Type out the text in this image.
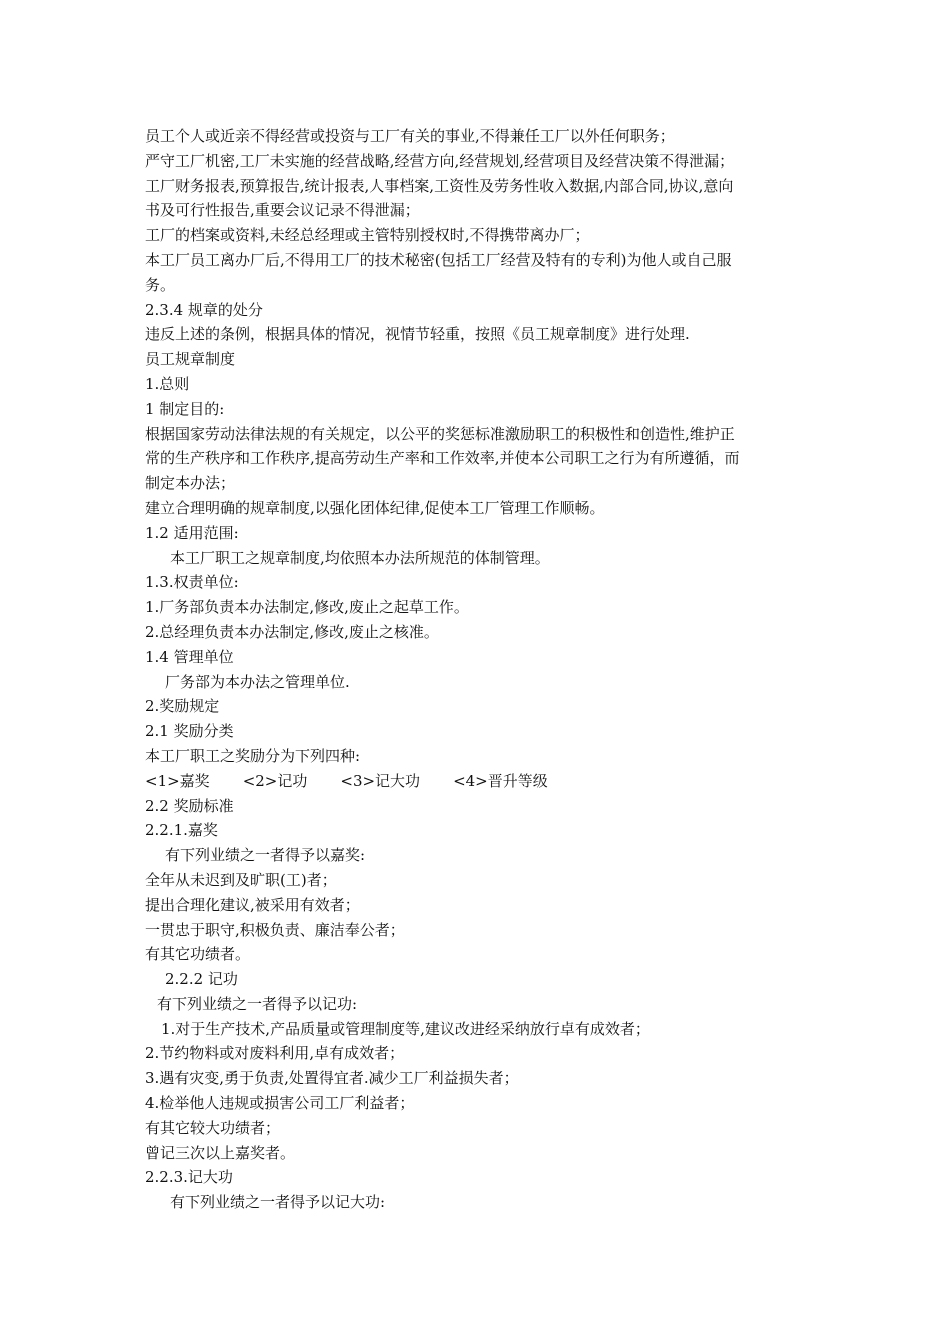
员工个人或近亲不得经营或投资与工厂有关的事业,不得兼任工厂以外任何职务；

严守工厂机密,工厂未实施的经营战略,经营方向,经营规划,经营项目及经营决策不得泄漏；

工厂财务报表,预算报告,统计报表,人事档案,工资性及劳务性收入数据,内部合同,协议,意向

书及可行性报告,重要会议记录不得泄漏；

工厂的档案或资料,未经总经理或主管特别授权时,不得携带离办厂；

本工厂员工离办厂后,不得用工厂的技术秘密(包括工厂经营及特有的专利)为他人或自己服

务。

2.3.4 规章的处分

违反上述的条例，根据具体的情况，视情节轻重，按照《员工规章制度》进行处理.

员工规章制度

1.总则

1 制定目的:

根据国家劳动法律法规的有关规定，以公平的奖惩标准激励职工的积极性和创造性,维护正

常的生产秩序和工作秩序,提高劳动生产率和工作效率,并使本公司职工之行为有所遵循，而

制定本办法；

建立合理明确的规章制度,以强化团体纪律,促使本工厂管理工作顺畅。

1.2 适用范围:

本工厂职工之规章制度,均依照本办法所规范的体制管理。

1.3.权责单位:

1.厂务部负责本办法制定,修改,废止之起草工作。

2.总经理负责本办法制定,修改,废止之核准。

1.4 管理单位

厂务部为本办法之管理单位.

2.奖励规定

2.1 奖励分类

本工厂职工之奖励分为下列四种:

<1>嘉奖 <2>记功 <3>记大功 <4>晋升等级

2.2 奖励标准

2.2.1.嘉奖

有下列业绩之一者得予以嘉奖:

全年从未迟到及旷职(工)者；

提出合理化建议,被采用有效者；

一贯忠于职守,积极负责、廉洁奉公者；

有其它功绩者。

2.2.2 记功

有下列业绩之一者得予以记功:

1.对于生产技术,产品质量或管理制度等,建议改进经采纳放行卓有成效者；

2.节约物料或对废料利用,卓有成效者；

3.遇有灾变,勇于负责,处置得宜者.减少工厂利益损失者；

4.检举他人违规或损害公司工厂利益者；

有其它较大功绩者；

曾记三次以上嘉奖者。

2.2.3.记大功

有下列业绩之一者得予以记大功:
